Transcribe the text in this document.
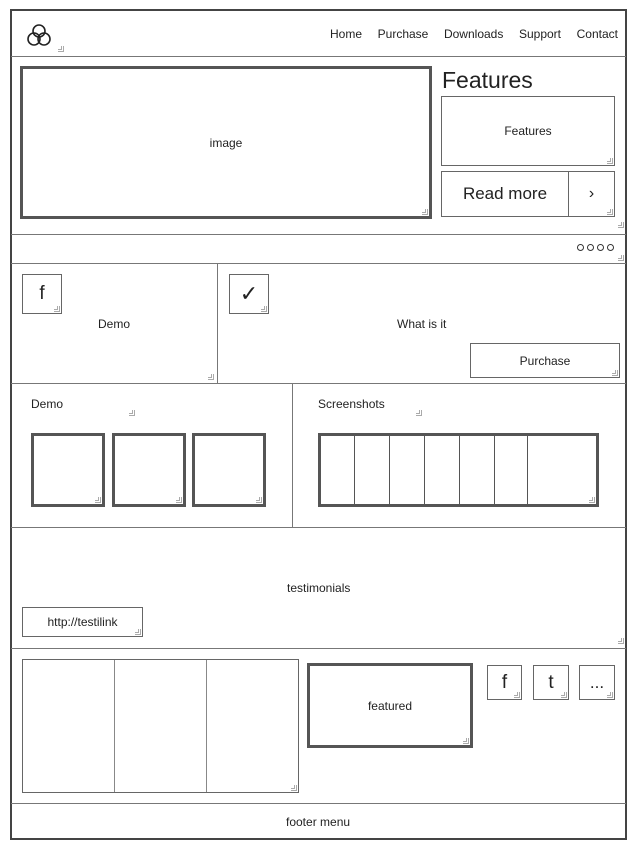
Home Purchase Downloads Support Contact
image
Features
Features
Read more	›
f
Demo
✓
What is it
Purchase
Demo	Screenshots
testimonials
http://testilink
featured
f t ...
footer menu
